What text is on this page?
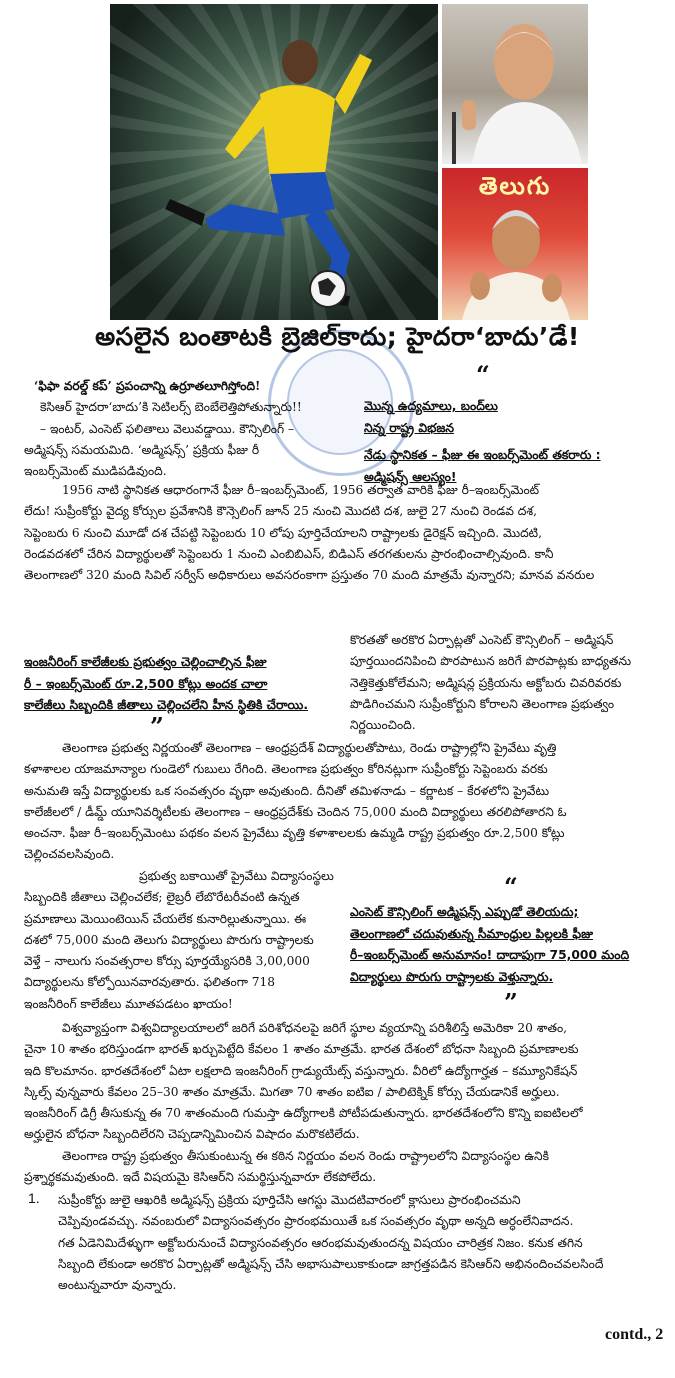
తెలుగు
అసలైన బంతాటకి బ్రెజిల్‌కాదు; హైదరా‘బాదు’డే!
“
‘ఫిఫా వరల్డ్ కప్’ ప్రపంచాన్ని ఉర్రూతలూగిస్తోంది!
కెసిఆర్ హైదరా‘బాదు’కి సెటిలర్స్ బెంబేలెత్తిపోతున్నారు!!
– ఇంటర్, ఎంసెట్ ఫలితాలు వెలువడ్డాయి. కౌన్సిలింగ్ –
అడ్మిషన్స్ సమయమిది. ‘అడ్మిషన్స్’ ప్రక్రియ ఫీజు రీ
ఇంబర్స్‌మెంట్ ముడిపడివుంది.
మొన్న ఉద్యమాలు, బంద్‌లు
నిన్న రాష్ట్ర విభజన
నేడు స్థానికత – ఫీజు ఈ ఇంబర్స్‌మెంట్ తకరారు :
అడ్మిషన్స్ ఆలస్యం!
1956 నాటి స్థానికత ఆధారంగానే ఫీజు రీ–ఇంబర్స్‌మెంట్, 1956 తర్వాత వారికి ఫీజు రీ–ఇంబర్స్‌మెంట్
లేదు! సుప్రీంకోర్టు వైద్య కోర్సుల ప్రవేశానికి కౌన్సెలింగ్ జూన్ 25 నుంచి మొదటి దశ, జులై 27 నుంచి రెండవ దశ,
సెప్టెంబరు 6 నుంచి మూడో దశ చేపట్టి సెప్టెంబరు 10 లోపు పూర్తిచేయాలని రాష్ట్రాలకు డైరెక్షన్ ఇచ్చింది. మొదటి,
రెండవదశలో చేరిన విద్యార్థులతో సెప్టెంబరు 1 నుంచి ఎంబిబిఎస్, బిడిఎస్ తరగతులను ప్రారంభించాల్సివుంది. కానీ
తెలంగాణలో 320 మంది సివిల్ సర్వీస్ అధికారులు అవసరంకాగా ప్రస్తుతం 70 మంది మాత్రమే వున్నారని; మానవ వనరుల
ఇంజనీరింగ్ కాలేజీలకు ప్రభుత్వం చెల్లించాల్సిన ఫీజు
రీ – ఇంబర్స్‌మెంట్ రూ.2,500 కోట్లు అందక చాలా
కాలేజీలు సిబ్బందికి జీతాలు చెల్లించలేని హీన స్థితికి చేరాయి.
”
కొరతతో అరకొర ఏర్పాట్లతో ఎంసెట్ కౌన్సిలింగ్ – అడ్మిషన్
పూర్తయిందనిపించి పొరపాటున జరిగే పొరపాట్లకు బాధ్యతను
నెత్తికెత్తుకోలేమని; అడ్మిషన్ల ప్రక్రియను అక్టోబరు చివరివరకు
పొడిగించమని సుప్రీంకోర్టుని కోరాలని తెలంగాణ ప్రభుత్వం
నిర్ణయించింది.
తెలంగాణ ప్రభుత్వ నిర్ణయంతో తెలంగాణ – ఆంధ్రప్రదేశ్ విద్యార్థులతోపాటు, రెండు రాష్ట్రాల్లోని ప్రైవేటు వృత్తి
కళాశాలల యాజమాన్యాల గుండెలో గుబులు రేగింది. తెలంగాణ ప్రభుత్వం కోరినట్లుగా సుప్రీంకోర్టు సెప్టెంబరు వరకు
అనుమతి ఇస్తే విద్యార్థులకు ఒక సంవత్సరం వృథా అవుతుంది. దీనితో తమిళనాడు – కర్ణాటక – కేరళలోని ప్రైవేటు
కాలేజీలలో / డీమ్డ్ యూనివర్శిటీలకు తెలంగాణ – ఆంధ్రప్రదేశ్‌కు చెందిన 75,000 మంది విద్యార్థులు తరలిపోతారని ఓ
అంచనా. ఫీజు రీ–ఇంబర్స్‌మెంటు పథకం వలన ప్రైవేటు వృత్తి కళాశాలలకు ఉమ్మడి రాష్ట్ర ప్రభుత్వం రూ.2,500 కోట్లు
చెల్లించవలసివుంది.
ప్రభుత్వ బకాయితో ప్రైవేటు విద్యాసంస్థలు
సిబ్బందికి జీతాలు చెల్లించలేక; లైబ్రరీ లేబొరేటరీవంటి ఉన్నత
ప్రమాణాలు మెయింటెయిన్ చేయలేక కునారిల్లుతున్నాయి. ఈ
దశలో 75,000 మంది తెలుగు విద్యార్థులు పొరుగు రాష్ట్రాలకు
వెళ్తే – నాలుగు సంవత్సరాల కోర్సు పూర్తయ్యేసరికి 3,00,000
విద్యార్థులను కోల్పోయినవారవుతారు. ఫలితంగా 718
ఇంజనీరింగ్ కాలేజీలు మూతపడటం ఖాయం!
“
ఎంసెట్ కౌన్సిలింగ్ అడ్మిషన్స్ ఎప్పుడో తెలియదు;
తెలంగాణలో చదువుతున్న సీమాంధ్రుల పిల్లలకి ఫీజు
రీ–ఇంబర్స్‌మెంట్ అనుమానం! దాదాపుగా 75,000 మంది
విద్యార్థులు పొరుగు రాష్ట్రాలకు వెళ్తున్నారు.
”
విశ్వవ్యాప్తంగా విశ్వవిద్యాలయాలలో జరిగే పరిశోధనలపై జరిగే స్థూల వ్యయాన్ని పరిశీలిస్తే అమెరికా 20 శాతం,
చైనా 10 శాతం భరిస్తుండగా భారత్ ఖర్చుపెట్టేది కేవలం 1 శాతం మాత్రమే. భారత దేశంలో బోధనా సిబ్బంది ప్రమాణాలకు
ఇది కొలమానం. భారతదేశంలో ఏటా లక్షలాది ఇంజనీరింగ్ గ్రాడ్యుయేట్స్ వస్తున్నారు. వీరిలో ఉద్యోగార్హత – కమ్యూనికేషన్
స్కిల్స్ వున్నవారు కేవలం 25–30 శాతం మాత్రమే. మిగతా 70 శాతం ఐటిఐ / పాలిటెక్నిక్ కోర్సు చేయడానికే అర్హులు.
ఇంజనీరింగ్ డిగ్రీ తీసుకున్న ఈ 70 శాతంమంది గుమస్తా ఉద్యోగాలకి పోటీపడుతున్నారు. భారతదేశంలోని కొన్ని ఐఐటిలలో
అర్హులైన బోధనా సిబ్బందిలేరని చెప్పడాన్నిమించిన విషాదం మరొకటిలేదు.
తెలంగాణ రాష్ట్ర ప్రభుత్వం తీసుకుంటున్న ఈ కఠిన నిర్ణయం వలన రెండు రాష్ట్రాలలోని విద్యాసంస్థల ఉనికి
ప్రశ్నార్థకమవుతుంది. ఇదే విషయమై కెసిఆర్‌ని సమర్థిస్తున్నవారూ లేకపోలేదు.
1. సుప్రీంకోర్టు జులై ఆఖరికి అడ్మిషన్స్ ప్రక్రియ పూర్తిచేసి ఆగస్టు మొదటివారంలో క్లాసులు ప్రారంభించమని
చెప్పివుండవచ్చు. నవంబరులో విద్యాసంవత్సరం ప్రారంభమయితే ఒక సంవత్సరం వృథా అన్నది అర్ధంలేనివాదన.
గత ఏడెనిమిదేళ్ళుగా అక్టోబరునుంచే విద్యాసంవత్సరం ఆరంభమవుతుందన్న విషయం చారిత్రక నిజం. కనుక తగిన
సిబ్బంది లేకుండా అరకొర ఏర్పాట్లతో అడ్మిషన్స్ చేసి అభాసుపాలుకాకుండా జాగ్రత్తపడిన కెసిఆర్‌ని అభినందించవలసిందే
అంటున్నవారూ వున్నారు.
contd., 2
